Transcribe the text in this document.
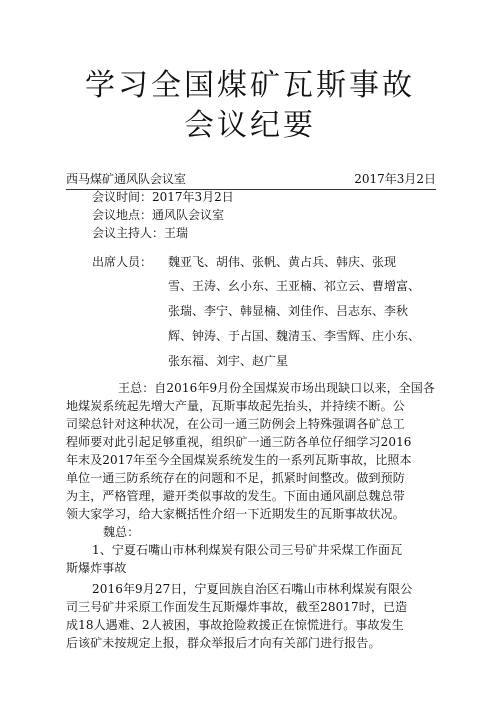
学习全国煤矿瓦斯事故
会议纪要
西马煤矿通风队会议室	2017年3月2日
会议时间：2017年3月2日
会议地点：通风队会议室
会议主持人：王瑞
出席人员： 魏亚飞、胡伟、张帆、黄占兵、韩庆、张现
雪、王涛、幺小东、王亚楠、祁立云、曹增富、
张瑞、李宁、韩显楠、刘佳作、吕志东、李秋
辉、钟涛、于占国、魏清玉、李雪辉、庄小东、
张东福、刘宇、赵广星
王总：自2016年9月份全国煤炭市场出现缺口以来，全国各
地煤炭系统起先增大产量，瓦斯事故起先抬头，并持续不断。公
司梁总针对这种状况，在公司一通三防例会上特殊强调各矿总工
程师要对此引起足够重视，组织矿一通三防各单位仔细学习2016
年末及2017年至今全国煤炭系统发生的一系列瓦斯事故，比照本
单位一通三防系统存在的问题和不足，抓紧时间整改。做到预防
为主，严格管理，避开类似事故的发生。下面由通风副总魏总带
领大家学习，给大家概括性介绍一下近期发生的瓦斯事故状况。
魏总：
1、宁夏石嘴山市林利煤炭有限公司三号矿井采煤工作面瓦
斯爆炸事故
2016年9月27日，宁夏回族自治区石嘴山市林利煤炭有限公
司三号矿井采原工作面发生瓦斯爆炸事故，截至28017时，已造
成18人遇难、2人被困，事故抢险救援正在惊慌进行。事故发生
后该矿未按规定上报，群众举报后才向有关部门进行报告。
